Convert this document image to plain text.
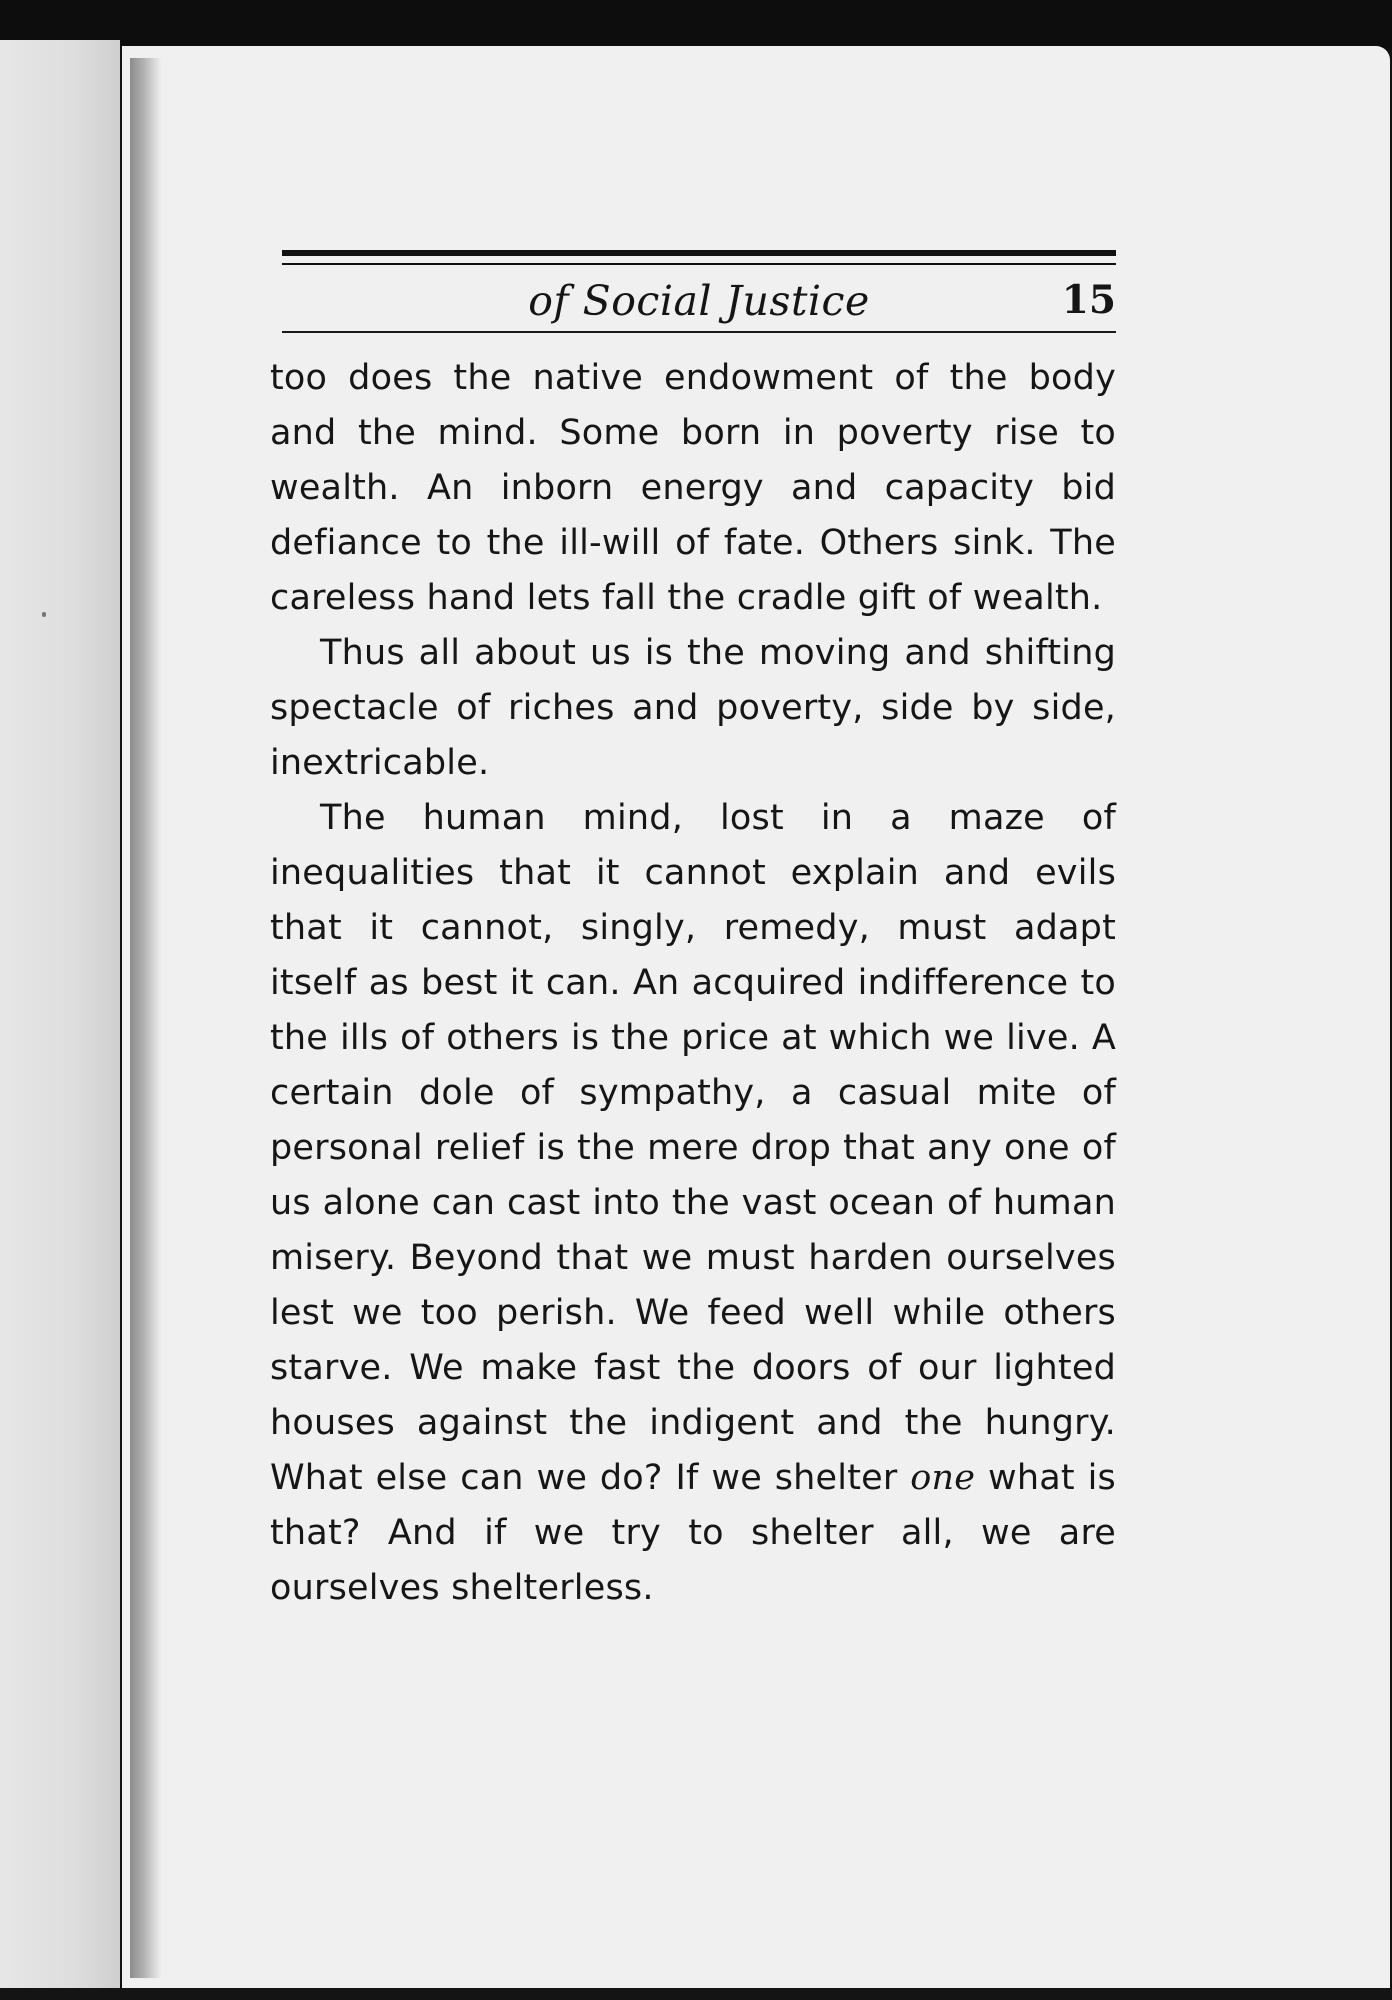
of Social Justice	15

too does the native endowment of the body and the mind. Some born in poverty rise to wealth. An inborn energy and capacity bid defiance to the ill-will of fate. Others sink. The careless hand lets fall the cradle gift of wealth.

Thus all about us is the moving and shifting spectacle of riches and poverty, side by side, inextricable.

The human mind, lost in a maze of inequalities that it cannot explain and evils that it cannot, singly, remedy, must adapt itself as best it can. An acquired indifference to the ills of others is the price at which we live. A certain dole of sympathy, a casual mite of personal relief is the mere drop that any one of us alone can cast into the vast ocean of human misery. Beyond that we must harden ourselves lest we too perish. We feed well while others starve. We make fast the doors of our lighted houses against the indigent and the hungry. What else can we do? If we shelter one what is that? And if we try to shelter all, we are ourselves shelterless.
